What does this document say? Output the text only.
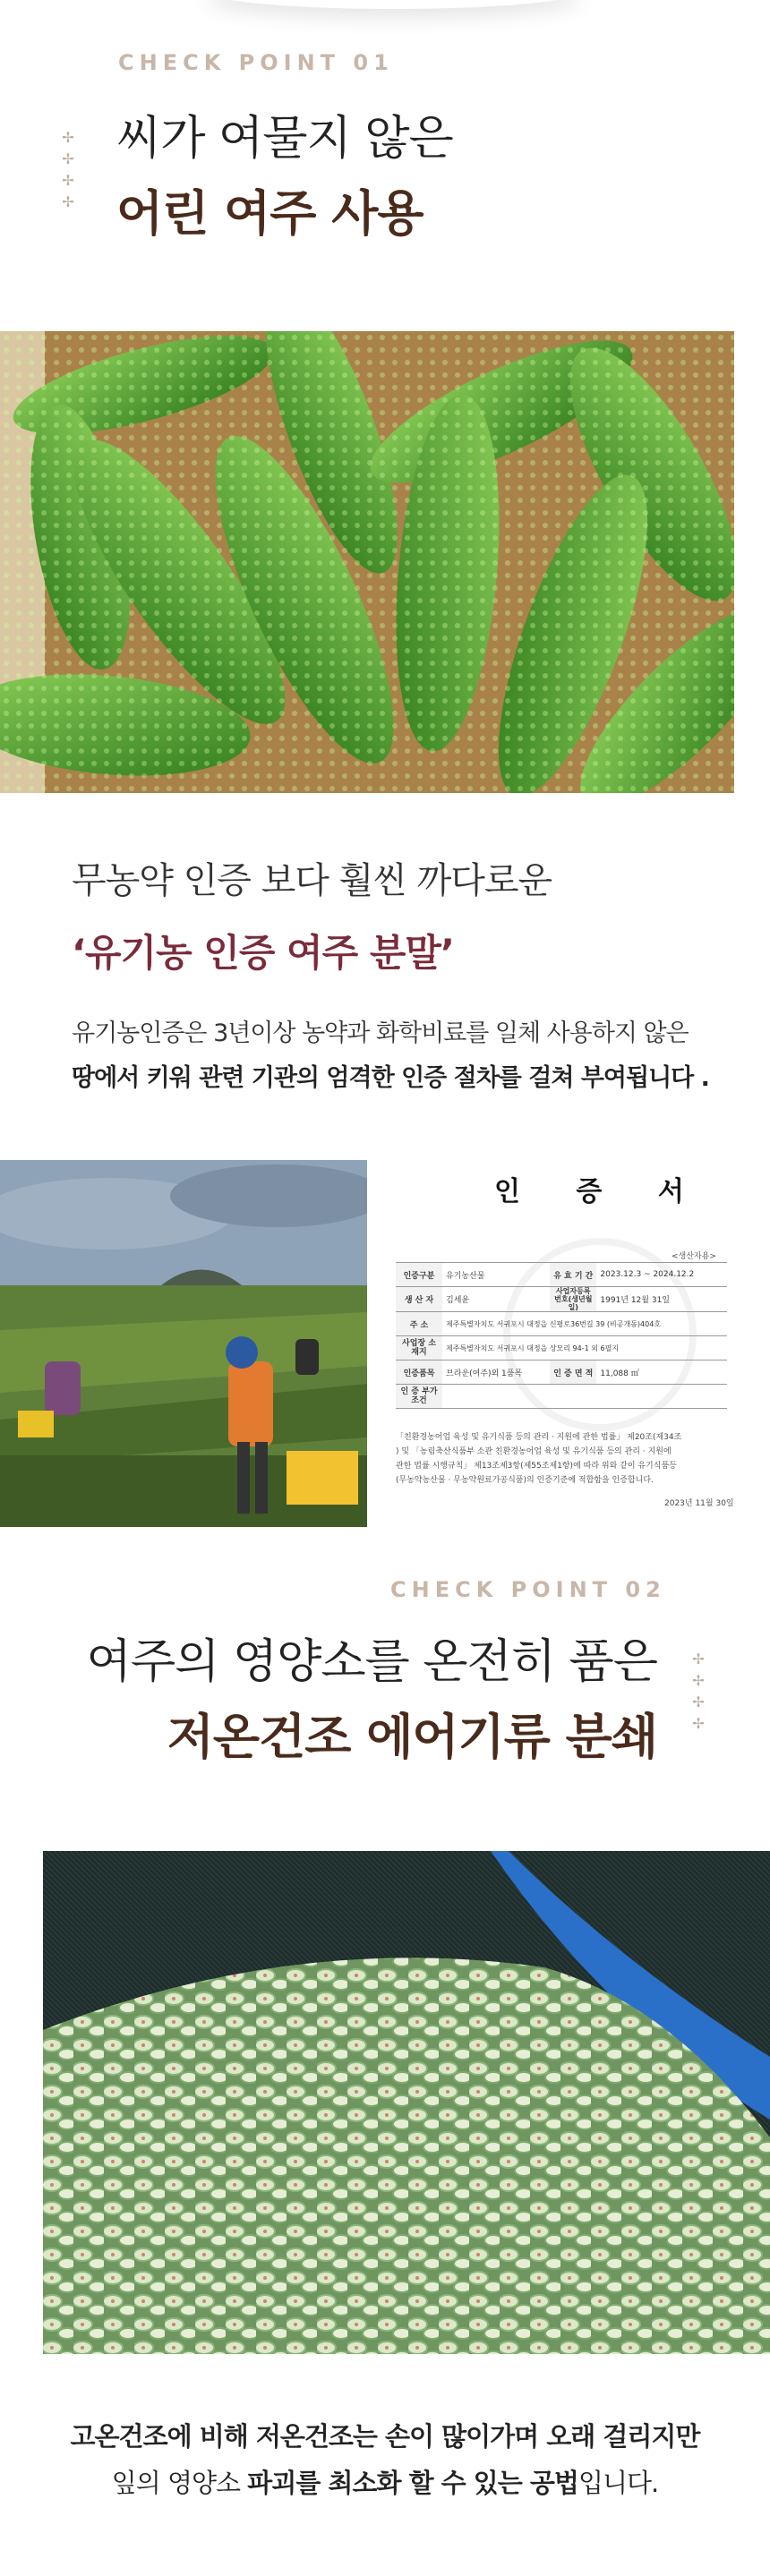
CHECK POINT 01
✢
✢
✢
✢
씨가 여물지 않은
어린 여주 사용
무농약 인증 보다 훨씬 까다로운
‘유기농 인증 여주 분말’
유기농인증은 3년이상 농약과 화학비료를 일체 사용하지 않은
땅에서 키워 관련 기관의 엄격한 인증 절차를 걸쳐 부여됩니다 .
인 증 서
<생산자용>
인증구분	유기농산물	유 효 기 간	2023.12.3 ~ 2024.12.2
생 산 자	김세윤	사업자등록번호(생년월일)	1991년 12월 31일
주 소	제주특별자치도 서귀포시 대정읍 신평로36번길 39 (비공개동)404호		
사업장 소재지	제주특별자치도 서귀포시 대정읍 상모리 94-1 외 6필지		
인증품목	브라운(여주)외 1품목	인 증 면 적	11,088 ㎡
인 증 부가조건			
「친환경농어업 육성 및 유기식품 등의 관리 · 지원에 관한 법률」 제20조(제34조
) 및 「농림축산식품부 소관 친환경농어업 육성 및 유기식품 등의 관리 · 지원에
관한 법률 시행규칙」 제13조제3항(제55조제1항)에 따라 위와 같이 유기식품등
(무농약농산물 · 무농약원료가공식품)의 인증기준에 적합함을 인증합니다.
2023년 11월 30일
CHECK POINT 02
여주의 영양소를 온전히 품은
저온건조 에어기류 분쇄
✢
✢
✢
✢
고온건조에 비해 저온건조는 손이 많이가며 오래 걸리지만
잎의 영양소 파괴를 최소화 할 수 있는 공법입니다.
